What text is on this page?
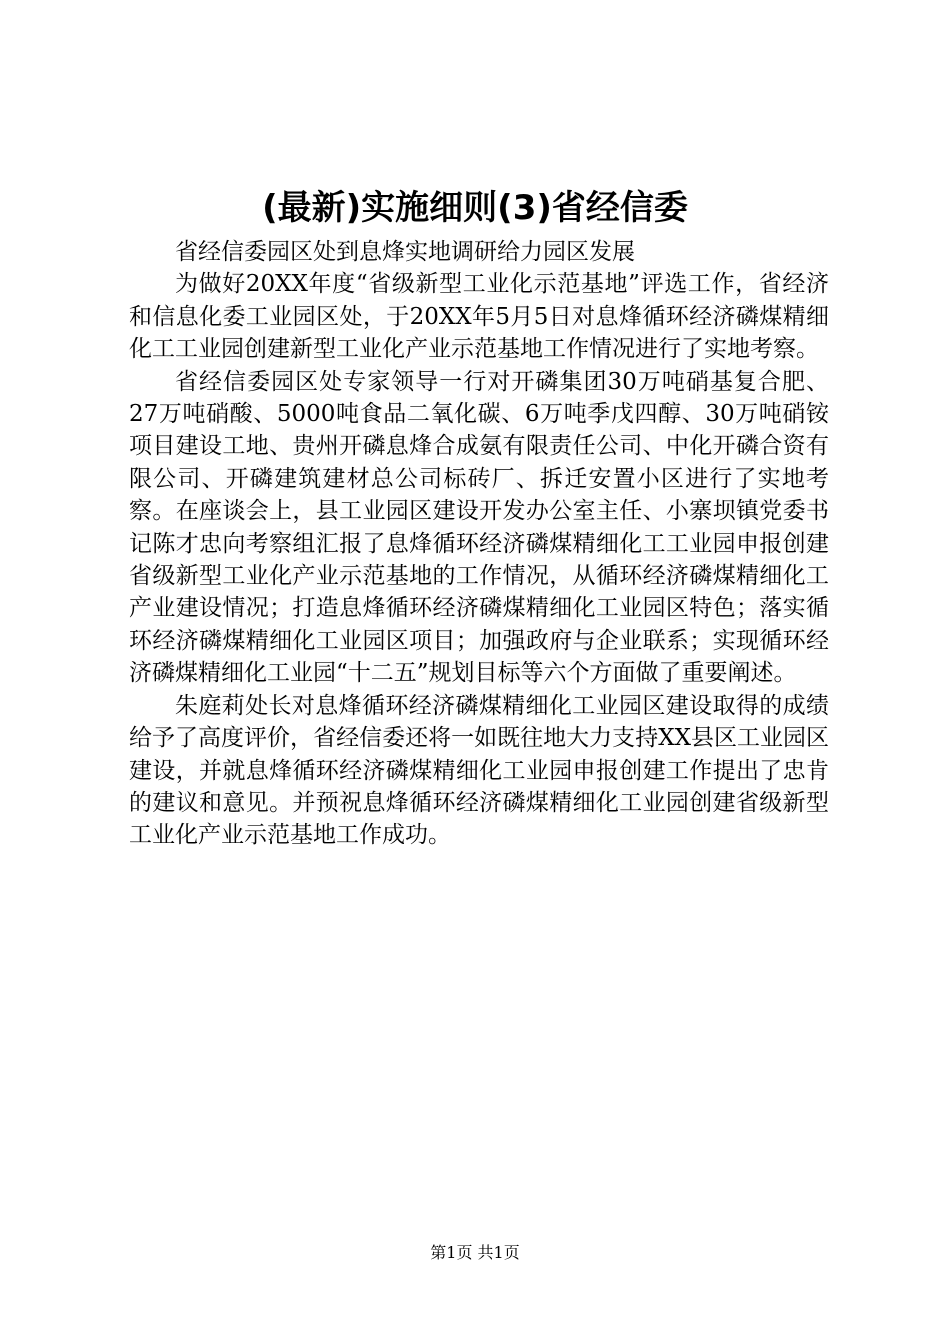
(最新)实施细则(3)省经信委

省经信委园区处到息烽实地调研给力园区发展

为做好20XX年度“省级新型工业化示范基地”评选工作，省经济和信息化委工业园区处，于20XX年5月5日对息烽循环经济磷煤精细化工工业园创建新型工业化产业示范基地工作情况进行了实地考察。

省经信委园区处专家领导一行对开磷集团30万吨硝基复合肥、27万吨硝酸、5000吨食品二氧化碳、6万吨季戊四醇、30万吨硝铵项目建设工地、贵州开磷息烽合成氨有限责任公司、中化开磷合资有限公司、开磷建筑建材总公司标砖厂、拆迁安置小区进行了实地考察。在座谈会上，县工业园区建设开发办公室主任、小寨坝镇党委书记陈才忠向考察组汇报了息烽循环经济磷煤精细化工工业园申报创建省级新型工业化产业示范基地的工作情况，从循环经济磷煤精细化工产业建设情况；打造息烽循环经济磷煤精细化工业园区特色；落实循环经济磷煤精细化工业园区项目；加强政府与企业联系；实现循环经济磷煤精细化工业园“十二五”规划目标等六个方面做了重要阐述。

朱庭莉处长对息烽循环经济磷煤精细化工业园区建设取得的成绩给予了高度评价，省经信委还将一如既往地大力支持XX县区工业园区建设，并就息烽循环经济磷煤精细化工业园申报创建工作提出了忠肯的建议和意见。并预祝息烽循环经济磷煤精细化工业园创建省级新型工业化产业示范基地工作成功。

第1页 共1页
